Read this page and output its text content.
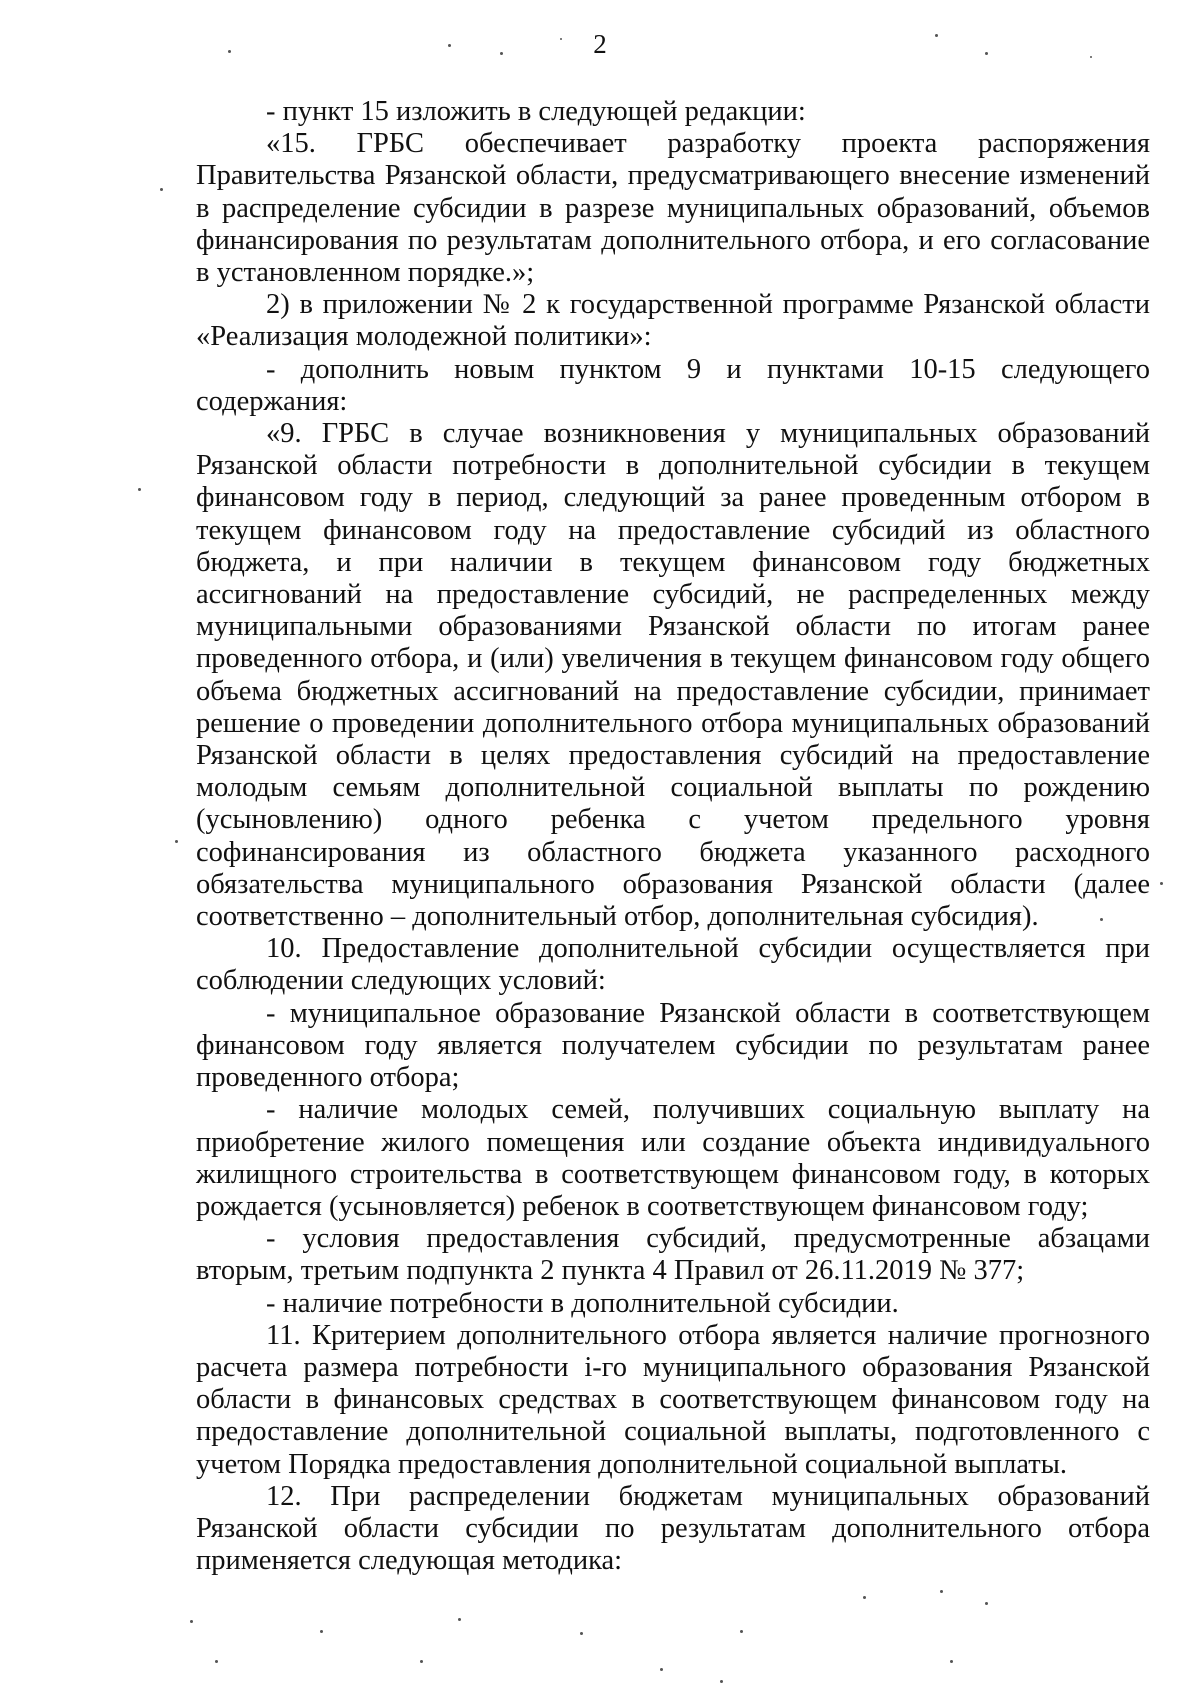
2

- пункт 15 изложить в следующей редакции:

«15. ГРБС обеспечивает разработку проекта распоряжения Правительства Рязанской области, предусматривающего внесение изменений в распределение субсидии в разрезе муниципальных образований, объемов финансирования по результатам дополнительного отбора, и его согласование в установленном порядке.»;

2) в приложении № 2 к государственной программе Рязанской области «Реализация молодежной политики»:

- дополнить новым пунктом 9 и пунктами 10-15 следующего содержания:

«9. ГРБС в случае возникновения у муниципальных образований Рязанской области потребности в дополнительной субсидии в текущем финансовом году в период, следующий за ранее проведенным отбором в текущем финансовом году на предоставление субсидий из областного бюджета, и при наличии в текущем финансовом году бюджетных ассигнований на предоставление субсидий, не распределенных между муниципальными образованиями Рязанской области по итогам ранее проведенного отбора, и (или) увеличения в текущем финансовом году общего объема бюджетных ассигнований на предоставление субсидии, принимает решение о проведении дополнительного отбора муниципальных образований Рязанской области в целях предоставления субсидий на предоставление молодым семьям дополнительной социальной выплаты по рождению (усыновлению) одного ребенка с учетом предельного уровня софинансирования из областного бюджета указанного расходного обязательства муниципального образования Рязанской области (далее соответственно – дополнительный отбор, дополнительная субсидия).

10. Предоставление дополнительной субсидии осуществляется при соблюдении следующих условий:

- муниципальное образование Рязанской области в соответствующем финансовом году является получателем субсидии по результатам ранее проведенного отбора;

- наличие молодых семей, получивших социальную выплату на приобретение жилого помещения или создание объекта индивидуального жилищного строительства в соответствующем финансовом году, в которых рождается (усыновляется) ребенок в соответствующем финансовом году;

- условия предоставления субсидий, предусмотренные абзацами вторым, третьим подпункта 2 пункта 4 Правил от 26.11.2019 № 377;

- наличие потребности в дополнительной субсидии.

11. Критерием дополнительного отбора является наличие прогнозного расчета размера потребности i-го муниципального образования Рязанской области в финансовых средствах в соответствующем финансовом году на предоставление дополнительной социальной выплаты, подготовленного с учетом Порядка предоставления дополнительной социальной выплаты.

12. При распределении бюджетам муниципальных образований Рязанской области субсидии по результатам дополнительного отбора применяется следующая методика:
